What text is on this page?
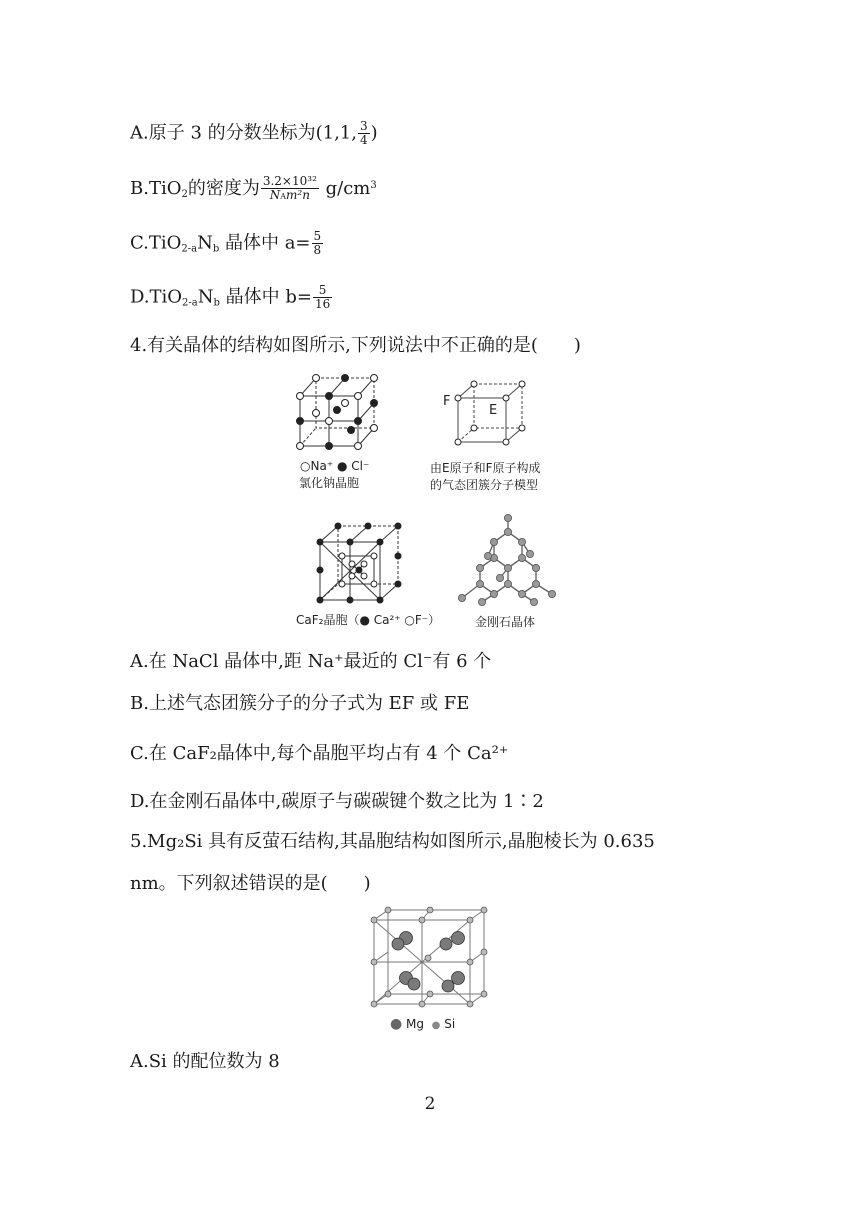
A.原子 3 的分数坐标为(1,1, $\frac{3}{4}$ )
B.TiO$_2$的密度为 $\frac{\text{3.2×10³²}}{\text{NAm²n}} g/cm^3$
$C.TiO_{2-a}N_b$ 晶体中 $a= \frac{5}{8}$
$D.TiO_{2-a}N_b$ 晶体中 $b= \frac{5}{16}$
4.有关晶体的结构如图所示,下列说法中不正确的是(　　)
○Na⁺ ● Cl⁻
氯化钠晶胞
F
E
由E原子和F原子构成
的气态团簇分子模型
CaF₂晶胞（● Ca²⁺ ○F⁻）	金刚石晶体
A.在 NaCl 晶体中,距 Na⁺最近的 Cl⁻有 6 个
B.上述气态团簇分子的分子式为 EF 或 FE
C.在 CaF₂晶体中,每个晶胞平均占有 4 个 Ca²⁺
D.在金刚石晶体中,碳原子与碳碳键个数之比为 1∶2
5.Mg₂Si 具有反萤石结构,其晶胞结构如图所示,晶胞棱长为 0.635
nm。下列叙述错误的是(　　)
● Mg ● Si
A.Si 的配位数为 8
2
